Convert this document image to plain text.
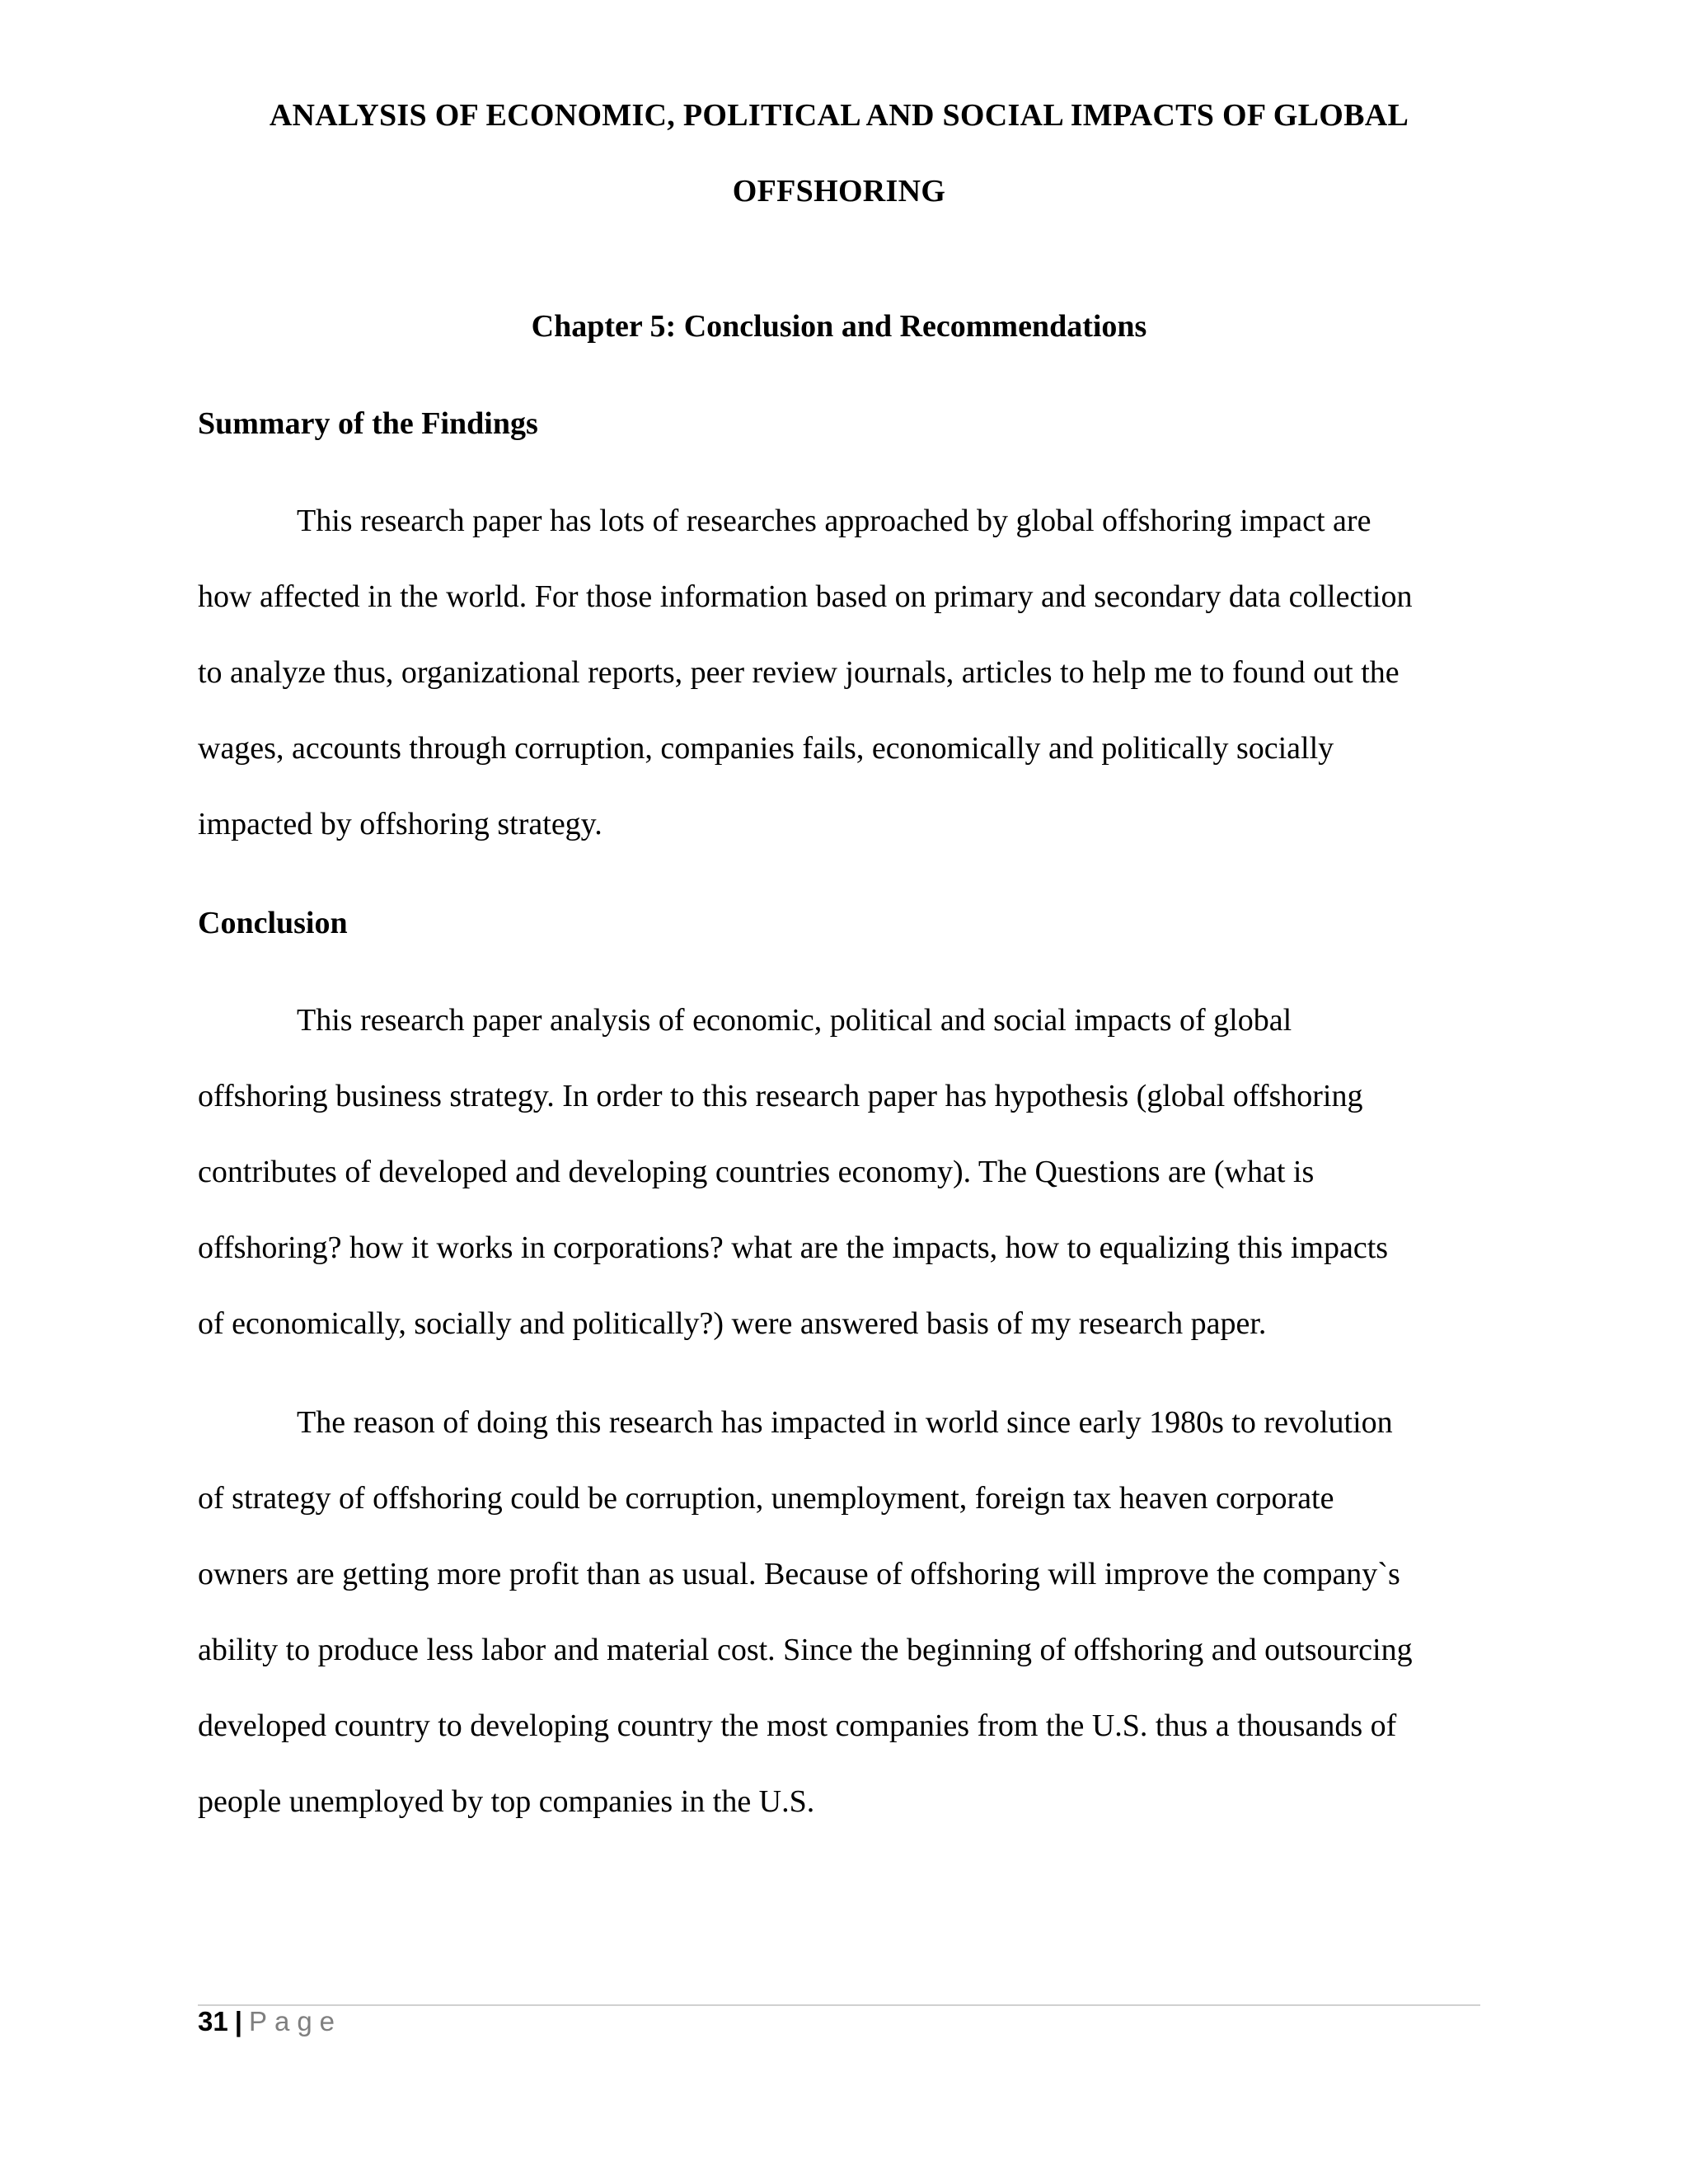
ANALYSIS OF ECONOMIC, POLITICAL AND SOCIAL IMPACTS OF GLOBAL
OFFSHORING
Chapter 5: Conclusion and Recommendations
Summary of the Findings
This research paper has lots of researches approached by global offshoring impact are
how affected in the world. For those information based on primary and secondary data collection
to analyze thus, organizational reports, peer review journals, articles to help me to found out the
wages, accounts through corruption, companies fails, economically and politically socially
impacted by offshoring strategy.
Conclusion
This research paper analysis of economic, political and social impacts of global
offshoring business strategy. In order to this research paper has hypothesis (global offshoring
contributes of developed and developing countries economy). The Questions are (what is
offshoring? how it works in corporations? what are the impacts, how to equalizing this impacts
of economically, socially and politically?) were answered basis of my research paper.
The reason of doing this research has impacted in world since early 1980s to revolution
of strategy of offshoring could be corruption, unemployment, foreign tax heaven corporate
owners are getting more profit than as usual. Because of offshoring will improve the company`s
ability to produce less labor and material cost. Since the beginning of offshoring and outsourcing
developed country to developing country the most companies from the U.S. thus a thousands of
people unemployed by top companies in the U.S.
31 | Page
